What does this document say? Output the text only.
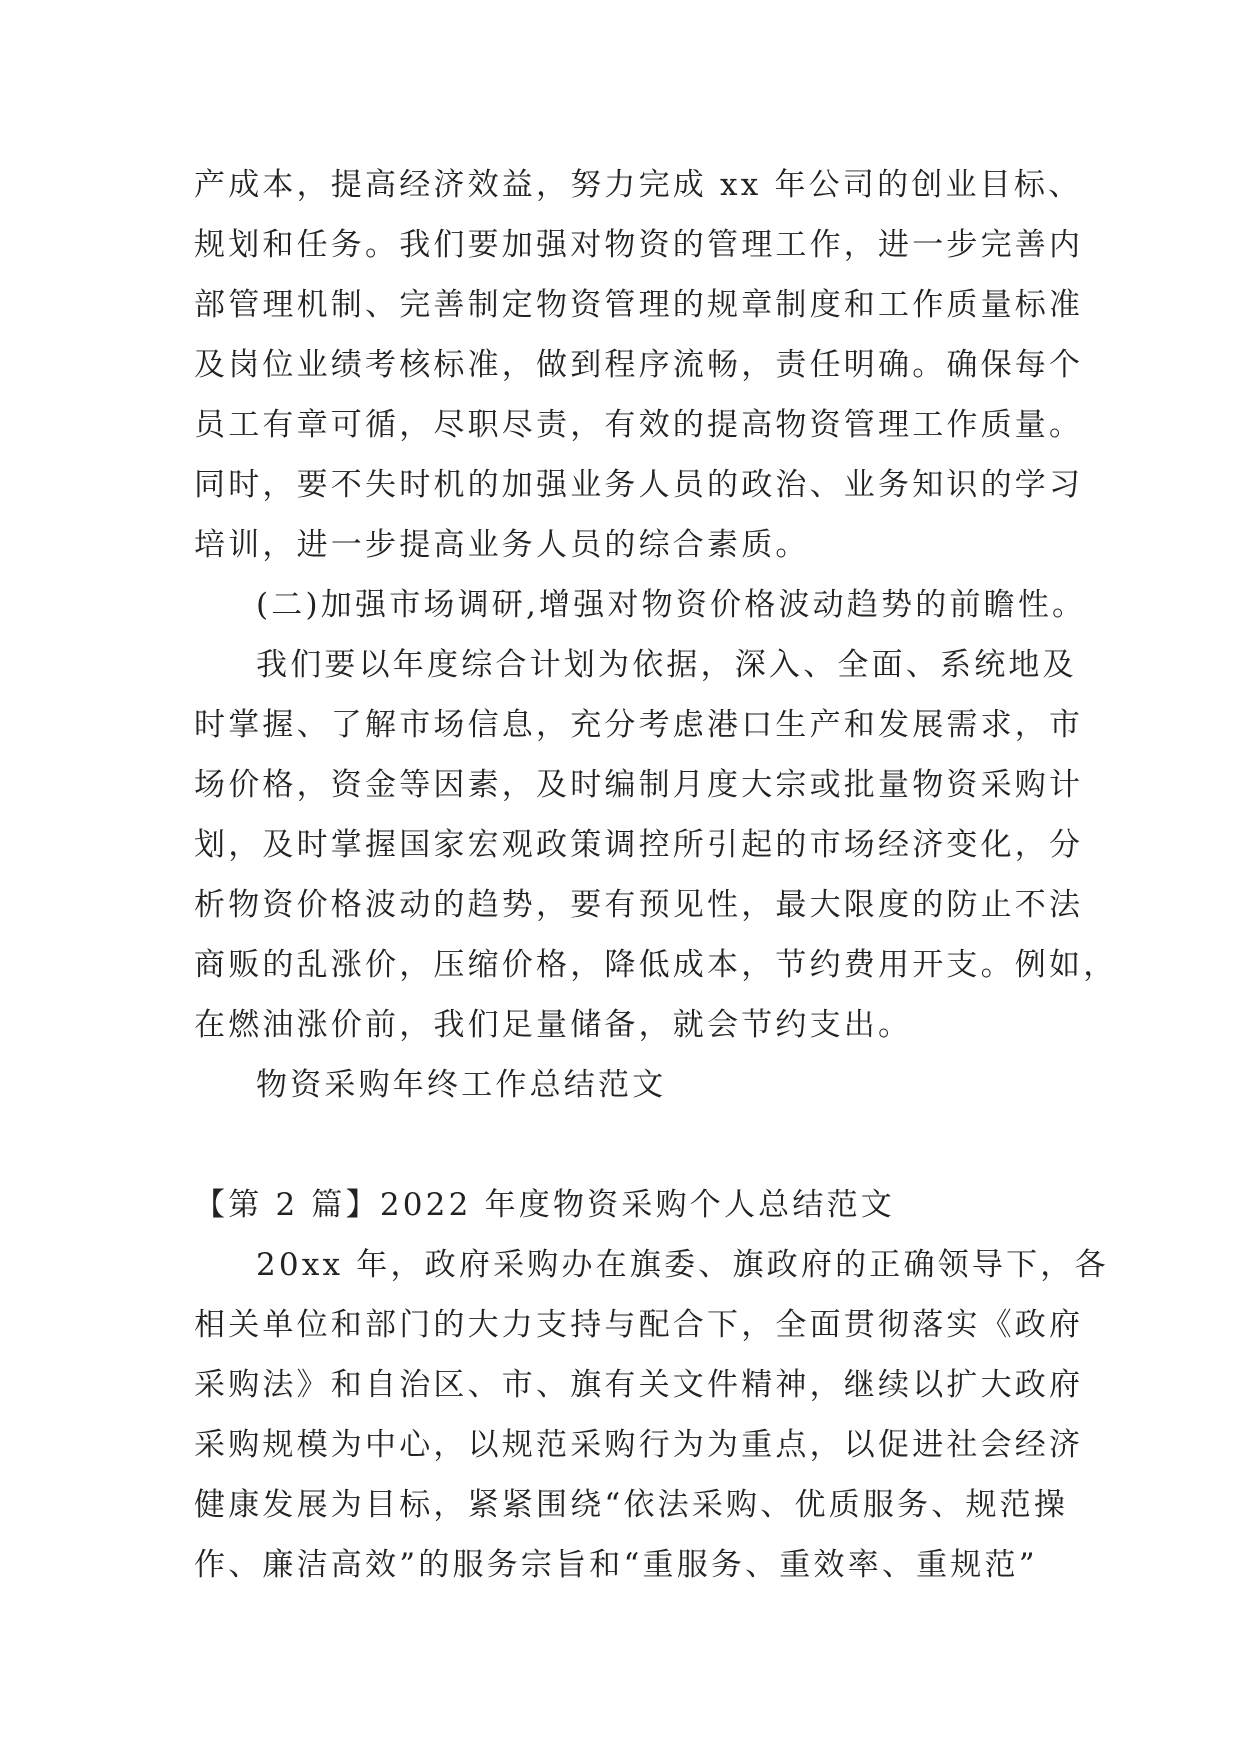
产成本，提高经济效益，努力完成 xx 年公司的创业目标、
规划和任务。我们要加强对物资的管理工作，进一步完善内
部管理机制、完善制定物资管理的规章制度和工作质量标准
及岗位业绩考核标准，做到程序流畅，责任明确。确保每个
员工有章可循，尽职尽责，有效的提高物资管理工作质量。
同时，要不失时机的加强业务人员的政治、业务知识的学习
培训，进一步提高业务人员的综合素质。
(二)加强市场调研,增强对物资价格波动趋势的前瞻性。
我们要以年度综合计划为依据，深入、全面、系统地及
时掌握、了解市场信息，充分考虑港口生产和发展需求，市
场价格，资金等因素，及时编制月度大宗或批量物资采购计
划，及时掌握国家宏观政策调控所引起的市场经济变化，分
析物资价格波动的趋势，要有预见性，最大限度的防止不法
商贩的乱涨价，压缩价格，降低成本，节约费用开支。例如，
在燃油涨价前，我们足量储备，就会节约支出。
物资采购年终工作总结范文
【第 2 篇】2022 年度物资采购个人总结范文
20xx 年，政府采购办在旗委、旗政府的正确领导下，各
相关单位和部门的大力支持与配合下，全面贯彻落实《政府
采购法》和自治区、市、旗有关文件精神，继续以扩大政府
采购规模为中心，以规范采购行为为重点，以促进社会经济
健康发展为目标，紧紧围绕“依法采购、优质服务、规范操
作、廉洁高效”的服务宗旨和“重服务、重效率、重规范”
